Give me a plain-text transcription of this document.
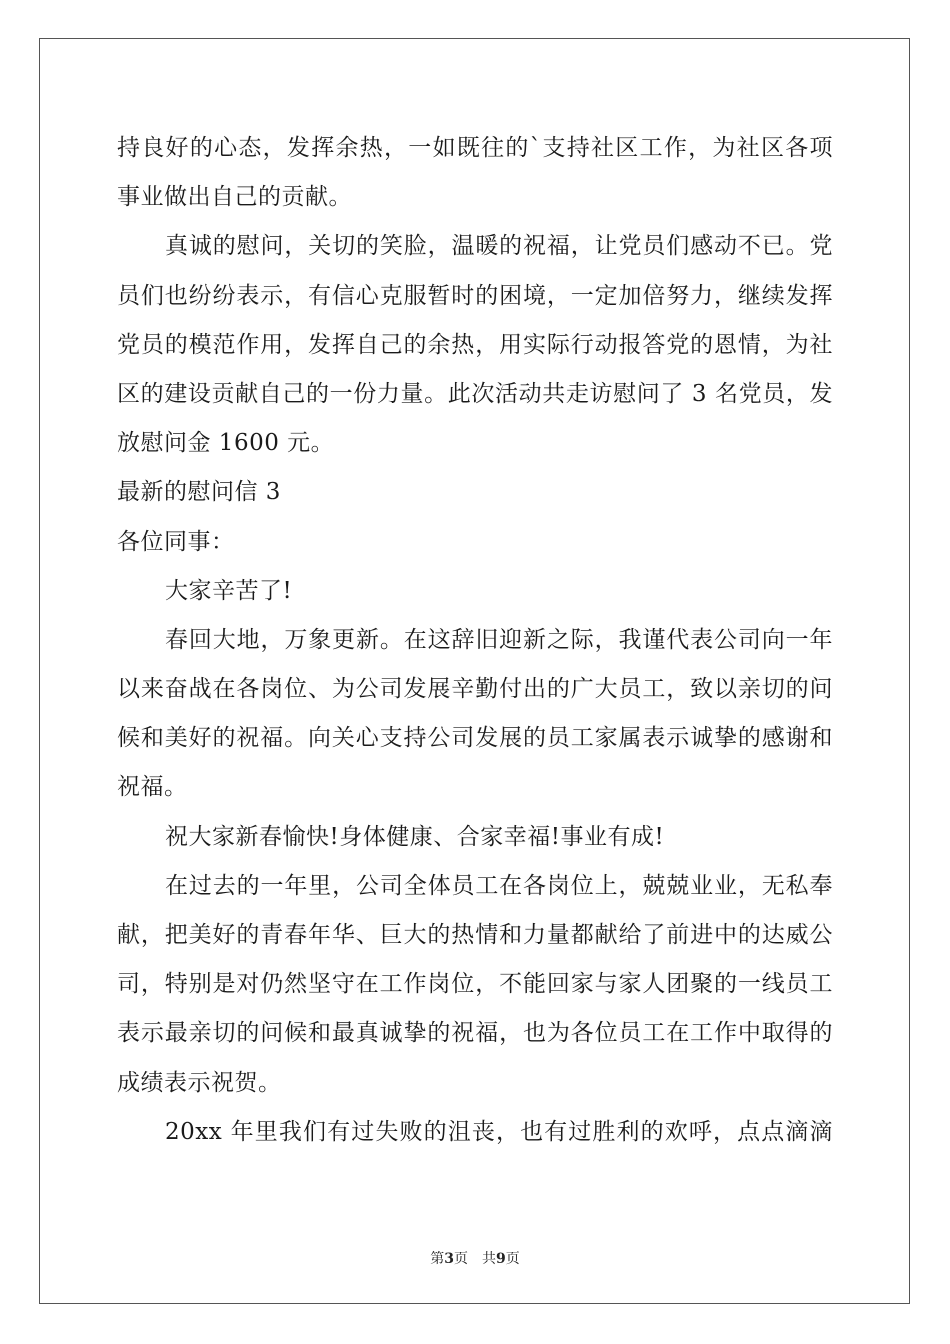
持良好的心态，发挥余热，一如既往的`支持社区工作，为社区各项
事业做出自己的贡献。
真诚的慰问，关切的笑脸，温暖的祝福，让党员们感动不已。党
员们也纷纷表示，有信心克服暂时的困境，一定加倍努力，继续发挥
党员的模范作用，发挥自己的余热，用实际行动报答党的恩情，为社
区的建设贡献自己的一份力量。此次活动共走访慰问了 3 名党员，发
放慰问金 1600 元。
最新的慰问信 3
各位同事：
大家辛苦了!
春回大地，万象更新。在这辞旧迎新之际，我谨代表公司向一年
以来奋战在各岗位、为公司发展辛勤付出的广大员工，致以亲切的问
候和美好的祝福。向关心支持公司发展的员工家属表示诚挚的感谢和
祝福。
祝大家新春愉快!身体健康、合家幸福!事业有成!
在过去的一年里，公司全体员工在各岗位上，兢兢业业，无私奉
献，把美好的青春年华、巨大的热情和力量都献给了前进中的达威公
司，特别是对仍然坚守在工作岗位，不能回家与家人团聚的一线员工
表示最亲切的问候和最真诚挚的祝福，也为各位员工在工作中取得的
成绩表示祝贺。
20xx 年里我们有过失败的沮丧，也有过胜利的欢呼，点点滴滴
第3页　共9页
